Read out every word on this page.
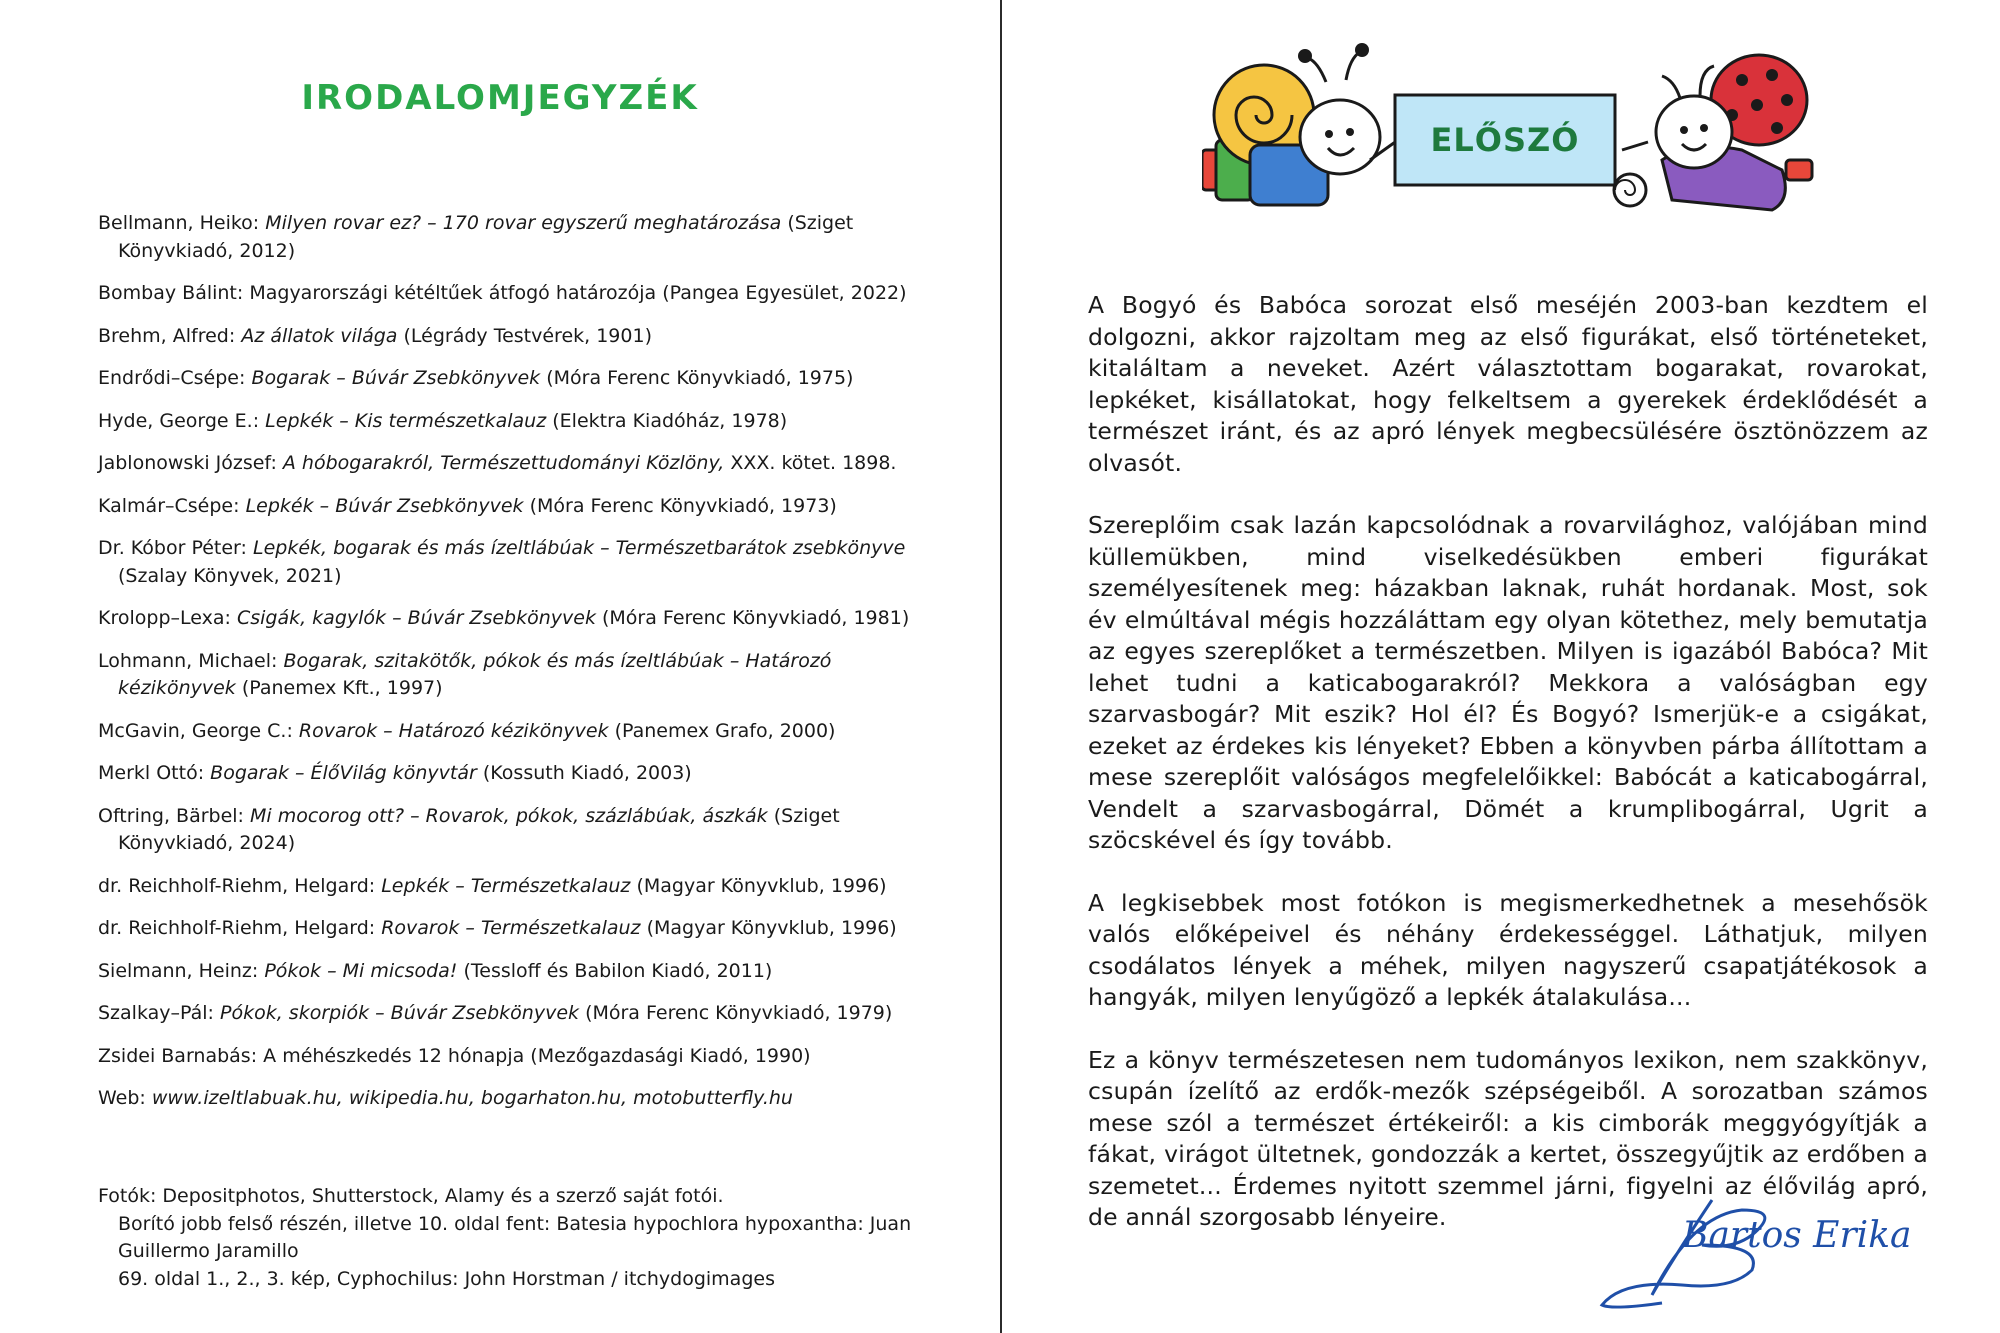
IRODALOMJEGYZÉK
Bellmann, Heiko: Milyen rovar ez? – 170 rovar egyszerű meghatározása (Sziget Könyvkiadó, 2012)
Bombay Bálint: Magyarországi kétéltűek átfogó határozója (Pangea Egyesület, 2022)
Brehm, Alfred: Az állatok világa (Légrády Testvérek, 1901)
Endrődi–Csépe: Bogarak – Búvár Zsebkönyvek (Móra Ferenc Könyvkiadó, 1975)
Hyde, George E.: Lepkék – Kis természetkalauz (Elektra Kiadóház, 1978)
Jablonowski József: A hóbogarakról, Természettudományi Közlöny, XXX. kötet. 1898.
Kalmár–Csépe: Lepkék – Búvár Zsebkönyvek (Móra Ferenc Könyvkiadó, 1973)
Dr. Kóbor Péter: Lepkék, bogarak és más ízeltlábúak – Természetbarátok zsebkönyve (Szalay Könyvek, 2021)
Krolopp–Lexa: Csigák, kagylók – Búvár Zsebkönyvek (Móra Ferenc Könyvkiadó, 1981)
Lohmann, Michael: Bogarak, szitakötők, pókok és más ízeltlábúak – Határozó kézikönyvek (Panemex Kft., 1997)
McGavin, George C.: Rovarok – Határozó kézikönyvek (Panemex Grafo, 2000)
Merkl Ottó: Bogarak – ÉlőVilág könyvtár (Kossuth Kiadó, 2003)
Oftring, Bärbel: Mi mocorog ott? – Rovarok, pókok, százlábúak, ászkák (Sziget Könyvkiadó, 2024)
dr. Reichholf-Riehm, Helgard: Lepkék – Természetkalauz (Magyar Könyvklub, 1996)
dr. Reichholf-Riehm, Helgard: Rovarok – Természetkalauz (Magyar Könyvklub, 1996)
Sielmann, Heinz: Pókok – Mi micsoda! (Tessloff és Babilon Kiadó, 2011)
Szalkay–Pál: Pókok, skorpiók – Búvár Zsebkönyvek (Móra Ferenc Könyvkiadó, 1979)
Zsidei Barnabás: A méhészkedés 12 hónapja (Mezőgazdasági Kiadó, 1990)
Web: www.izeltlabuak.hu, wikipedia.hu, bogarhaton.hu, motobutterfly.hu
Fotók: Depositphotos, Shutterstock, Alamy és a szerző saját fotói.
Borító jobb felső részén, illetve 10. oldal fent: Batesia hypochlora hypoxantha: Juan Guillermo Jaramillo
69. oldal 1., 2., 3. kép, Cyphochilus: John Horstman / itchydogimages
ELŐSZÓ

A Bogyó és Babóca sorozat első meséjén 2003-ban kezdtem el dolgozni, akkor rajzoltam meg az első figurákat, első történeteket, kitaláltam a neveket. Azért választottam bogarakat, rovarokat, lepkéket, kisállatokat, hogy felkeltsem a gyerekek érdeklődését a természet iránt, és az apró lények megbecsülésére ösztönözzem az olvasót.

Szereplőim csak lazán kapcsolódnak a rovarvilághoz, valójában mind küllemükben, mind viselkedésükben emberi figurákat személyesítenek meg: házakban laknak, ruhát hordanak. Most, sok év elmúltával mégis hozzáláttam egy olyan kötethez, mely bemutatja az egyes szereplőket a természetben. Milyen is igazából Babóca? Mit lehet tudni a katicabogarakról? Mekkora a valóságban egy szarvasbogár? Mit eszik? Hol él? És Bogyó? Ismerjük-e a csigákat, ezeket az érdekes kis lényeket? Ebben a könyvben párba állítottam a mese szereplőit valóságos megfelelőikkel: Babócát a katicabogárral, Vendelt a szarvasbogárral, Dömét a krumplibogárral, Ugrit a szöcskével és így tovább.

A legkisebbek most fotókon is megismerkedhetnek a mesehősök valós előképeivel és néhány érdekességgel. Láthatjuk, milyen csodálatos lények a méhek, milyen nagyszerű csapatjátékosok a hangyák, milyen lenyűgöző a lepkék átalakulása...

Ez a könyv természetesen nem tudományos lexikon, nem szakkönyv, csupán ízelítő az erdők-mezők szépségeiből. A sorozatban számos mese szól a természet értékeiről: a kis cimborák meggyógyítják a fákat, virágot ültetnek, gondozzák a kertet, összegyűjtik az erdőben a szemetet... Érdemes nyitott szemmel járni, figyelni az élővilág apró, de annál szorgosabb lényeire.	Bartos Erika
